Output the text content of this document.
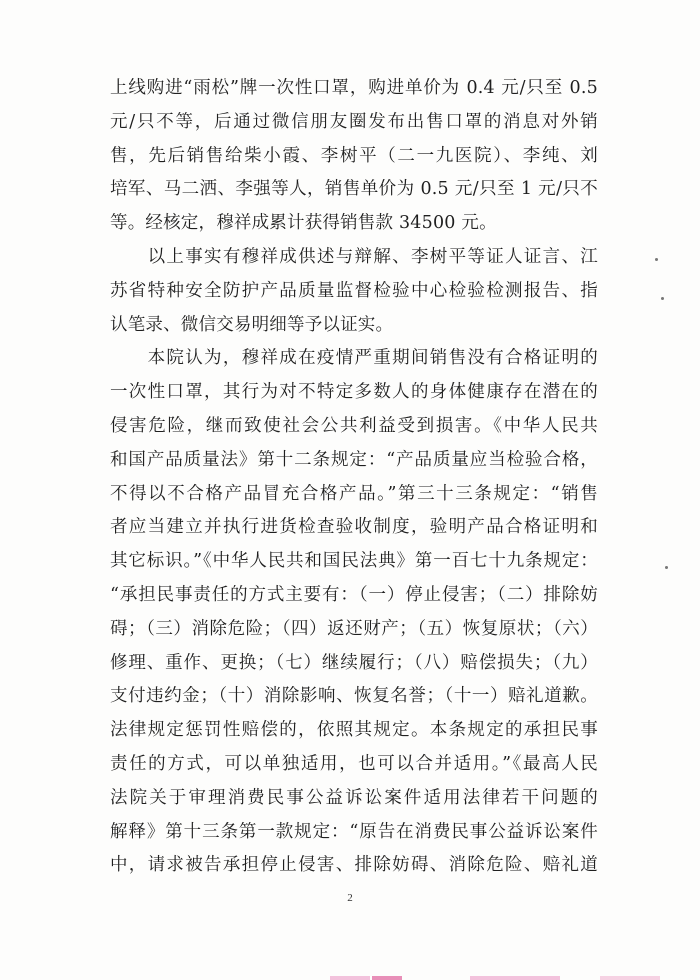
上线购进“雨松”牌一次性口罩，购进单价为 0.4 元/只至 0.5
元/只不等，后通过微信朋友圈发布出售口罩的消息对外销
售，先后销售给柴小霞、李树平（二一九医院）、李纯、刘
培军、马二洒、李强等人，销售单价为 0.5 元/只至 1 元/只不
等。经核定，穆祥成累计获得销售款 34500 元。
　　以上事实有穆祥成供述与辩解、李树平等证人证言、江
苏省特种安全防护产品质量监督检验中心检验检测报告、指
认笔录、微信交易明细等予以证实。
　　本院认为，穆祥成在疫情严重期间销售没有合格证明的
一次性口罩，其行为对不特定多数人的身体健康存在潜在的
侵害危险，继而致使社会公共利益受到损害。《中华人民共
和国产品质量法》第十二条规定：“产品质量应当检验合格，
不得以不合格产品冒充合格产品。”第三十三条规定：“销售
者应当建立并执行进货检查验收制度，验明产品合格证明和
其它标识。”《中华人民共和国民法典》第一百七十九条规定：
“承担民事责任的方式主要有：（一）停止侵害；（二）排除妨
碍；（三）消除危险；（四）返还财产；（五）恢复原状；（六）
修理、重作、更换；（七）继续履行；（八）赔偿损失；（九）
支付违约金；（十）消除影响、恢复名誉；（十一）赔礼道歉。
法律规定惩罚性赔偿的，依照其规定。本条规定的承担民事
责任的方式，可以单独适用，也可以合并适用。”《最高人民
法院关于审理消费民事公益诉讼案件适用法律若干问题的
解释》第十三条第一款规定：“原告在消费民事公益诉讼案件
中，请求被告承担停止侵害、排除妨碍、消除危险、赔礼道
2
